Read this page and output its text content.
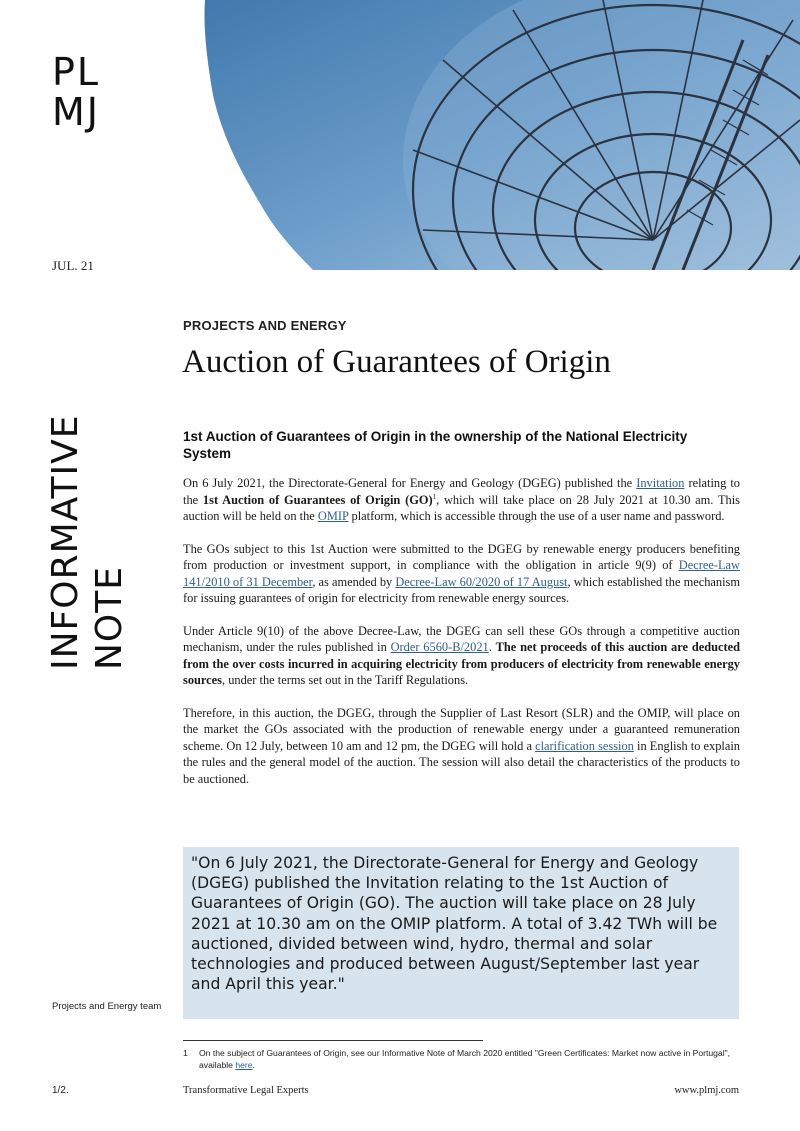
PL
MJ
JUL. 21
INFORMATIVE NOTE
PROJECTS AND ENERGY
Auction of Guarantees of Origin
1st Auction of Guarantees of Origin in the ownership of the National Electricity System

On 6 July 2021, the Directorate-General for Energy and Geology (DGEG) published the Invitation relating to the 1st Auction of Guarantees of Origin (GO)$^1$, which will take place on 28 July 2021 at 10.30 am. This auction will be held on the OMIP platform, which is accessible through the use of a user name and password.

The GOs subject to this 1st Auction were submitted to the DGEG by renewable energy producers benefiting from production or investment support, in compliance with the obligation in article 9(9) of Decree-Law 141/2010 of 31 December, as amended by Decree-Law 60/2020 of 17 August, which established the mechanism for issuing guarantees of origin for electricity from renewable energy sources.

Under Article 9(10) of the above Decree-Law, the DGEG can sell these GOs through a competitive auction mechanism, under the rules published in Order 6560-B/2021. The net proceeds of this auction are deducted from the over costs incurred in acquiring electricity from producers of electricity from renewable energy sources, under the terms set out in the Tariff Regulations.

Therefore, in this auction, the DGEG, through the Supplier of Last Resort (SLR) and the OMIP, will place on the market the GOs associated with the production of renewable energy under a guaranteed remuneration scheme. On 12 July, between 10 am and 12 pm, the DGEG will hold a clarification session in English to explain the rules and the general model of the auction. The session will also detail the characteristics of the products to be auctioned.

"On 6 July 2021, the Directorate-General for Energy and Geology (DGEG) published the Invitation relating to the 1st Auction of Guarantees of Origin (GO). The auction will take place on 28 July 2021 at 10.30 am on the OMIP platform. A total of 3.42 TWh will be auctioned, divided between wind, hydro, thermal and solar technologies and produced between August/September last year and April this year."

Projects and Energy team
1 On the subject of Guarantees of Origin, see our Informative Note of March 2020 entitled "Green Certificates: Market now active in Portugal", available here.
1/2.	Transformative Legal Experts	www.plmj.com
